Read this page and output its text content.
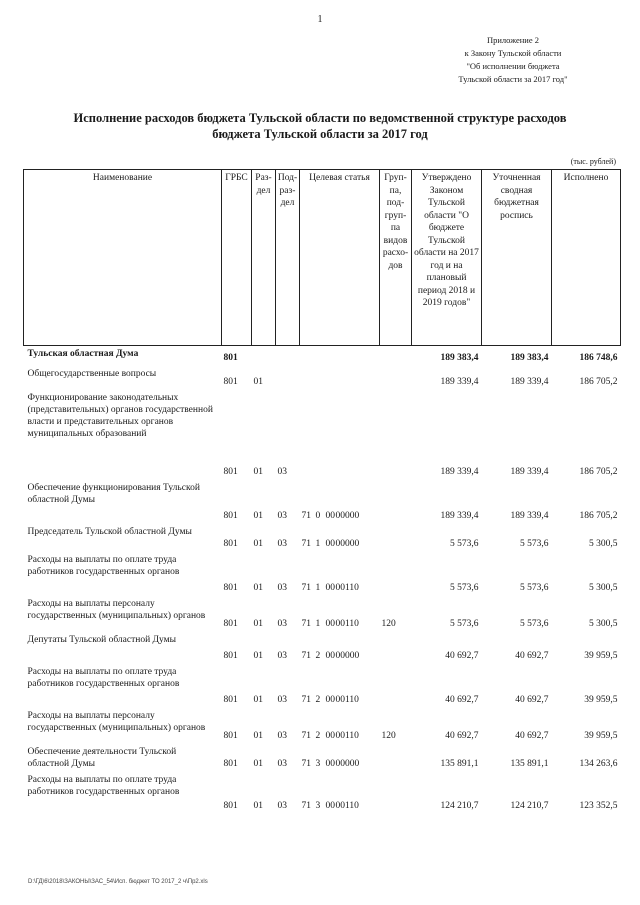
1
Приложение 2
к Закону Тульской области
"Об исполнении бюджета
Тульской области за 2017 год"
Исполнение расходов бюджета Тульской области по ведомственной структуре расходов
бюджета Тульской области за 2017 год
(тыс. рублей)
Наименование	ГРБС	Раз-дел	Под-раз-дел	Целевая статья	Груп-па, под-груп-па видов расхо-дов	Утверждено Законом Тульской области "О бюджете Тульской области на 2017 год и на плановый период 2018 и 2019 годов"	Уточненная сводная бюджетная роспись	Исполнено
Тульская областная Дума	801					189 383,4	189 383,4	186 748,6
Общегосударственные вопросы	801	01				189 339,4	189 339,4	186 705,2
Функционирование законодательных (представительных) органов государственной власти и представительных органов муниципальных образований	801	01	03			189 339,4	189 339,4	186 705,2
Обеспечение функционирования Тульской областной Думы	801	01	03	71 0 0000000		189 339,4	189 339,4	186 705,2
Председатель Тульской областной Думы	801	01	03	71 1 0000000		5 573,6	5 573,6	5 300,5
Расходы на выплаты по оплате труда работников государственных органов	801	01	03	71 1 0000110		5 573,6	5 573,6	5 300,5
Расходы на выплаты персоналу государственных (муниципальных) органов	801	01	03	71 1 0000110	120	5 573,6	5 573,6	5 300,5
Депутаты Тульской областной Думы	801	01	03	71 2 0000000		40 692,7	40 692,7	39 959,5
Расходы на выплаты по оплате труда работников государственных органов	801	01	03	71 2 0000110		40 692,7	40 692,7	39 959,5
Расходы на выплаты персоналу государственных (муниципальных) органов	801	01	03	71 2 0000110	120	40 692,7	40 692,7	39 959,5
Обеспечение деятельности Тульской областной Думы	801	01	03	71 3 0000000		135 891,1	135 891,1	134 263,6
Расходы на выплаты по оплате труда работников государственных органов	801	01	03	71 3 0000110		124 210,7	124 210,7	123 352,5
D:\ГД\6\2018\ЗАКОНЫ\ЗАС_54\Исп. бюджет ТО 2017_2 ч\Пр2.xls
